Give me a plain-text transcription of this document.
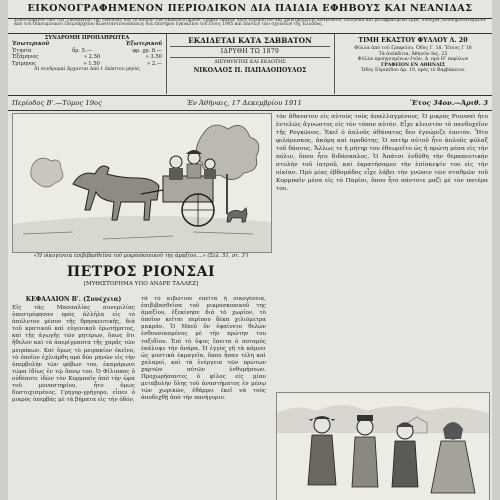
ΕΙΚΟΝΟΓΡΑΦΗΜΕΝΟΝ ΠΕΡΙΟΔΙΚΟΝ ΔΙΑ ΠΑΙΔΙΑ ΕΦΗΒΟΥΣ ΚΑΙ ΝΕΑΝΙΔΑΣ
Συνιστώμενον ὑπὸ τοῦ Ὑπουργείου τῆς Παιδείας διὰ τὸ κοινὸν τῶν ἐκπαιδευτηρίων, ἔχομεν ἱκανὴν ὕλην εὐχάριστον καὶ χρησιμωτάτην ἀνάγνωσιν, ἐλληνικὰ καὶ μεταφρασμένα ἔργα, συνεχῶς ἀναδημοσιευόμενον ἀπὸ τοῦ Οἰκουμενικοῦ Πατριαρχείου Κωνσταντινουπόλεως διὰ ἐπισήμου ἐγκυκλίου τοῦ ἔτους 1905 καὶ πάντων τῶν σχολείων τῆς Ἑλλάδος.
ΣΥΝΔΡΟΜΗ ΠΡΟΠΛΗΡΩΤΕΑ
Ἐσωτερικοῦ	Ἐξωτερικοῦ
Ἐτησία	δρ. 5.—	φρ. χρ. 6.—
Ἑξάμηνος	» 2.50	» 3.50
Τρίμηνος	» 1.50	» 2.—
Αἱ συνδρομαὶ ἄρχονται ἀπὸ 1 ἑκάστου μηνὸς
ΕΚΔΙΔΕΤΑΙ ΚΑΤΑ ΣΑΒΒΑΤΟΝ
ΙΔΡΥΘΗ ΤΩ 1879
ΔΙΕΥΘΥΝΤΗΣ ΚΑΙ ΕΚΔΟΤΗΣ
ΝΙΚΟΛΑΟΣ Π. ΠΑΠΑΔΟΠΟΥΛΟΣ
ΤΙΜΗ ΕΚΑΣΤΟΥ ΦΥΛΛΟΥ Λ. 20
Φύλλα ἀπὸ τοῦ Γραφείου, Ὁδὸς Γ. 18, Ἕτους Γ 18
Τὰ ἀνέκδοτα, Ἁθηνῶν Ιας. 25
Φύλλα προηγουμένων ἐτῶν, Δ. πρὸ Η' εκφύλων
ΓΡΑΦΕΙΟΝ ΕΝ ΑΘΗΝΑΙΣ
Ὁδὸς Εὐριπίδου ἀρ. 19, πρὸς τὸ Βαρβάκειον
Περίοδος Β'.—Τόμος 19ος	Ἐν Ἀθήναις, 17 Δεκεμβρίου 1911	Ἔτος 34ον.—Ἀριθ. 3
«Ἡ οἰκογένεια ἐπιβιβασθεῖσα τοῦ μικροσκοπικοῦ της ἁμαξίου....» (Σελ. 51, στ. 3')
ΠΕΤΡΟΣ ΡΙΟΝΣΑΙ
[ΜΥΘΙΣΤΟΡΗΜΑ ΥΠΟ ΑΝΔΡΕ ΤΑΛΛΕΖ]
ΚΕΦΑΛΑΙΟΝ Β'. (Συνέχεια)
Εἰς τὰς Μασσαλίας συνεμιλίας ὑπεστρέφησαν πρὸς ἀλλήλα εἰς τὸ ἀπόλυτον μέσον τῆς θρησκευτικῆς, διὰ τοῦ κρατικοῦ καὶ εὐγενικοῦ ἐρωτήματος, καὶ τῆς ἀγωγῆς τῶν μητέρων, ὅπως ὅτι ἤθελον καὶ τὰ ἀπερίγραπτα τῆς χαρᾶς τῶν μειράκων. Καὶ ὅμως τὸ μειρακίον ἐκεῖνο, τὸ ὁποῖον ἐχλιάρθη πρὸ δύο μηνῶν εἰς τὴν ὑπερβολὴν τῶν φόβων του, ἐκαμάρωνε τώρα ἰδίως ἐν τῷ ὕπνῳ του. Ὁ Φίλιππος ὁ οὐδέποτε ἰδὼν τὸν Κορμπαῖν ἀπὸ τὴν ὥρα τοῦ μοναστηρίου, ἦτο ὅμως δυστυχισμένος. Γρηγορ-γρήγορο, εἶπεν ὁ μικρὸς ὑπερβάς μὲ τὰ βήματα εἰς τὴν ὁδόν,
τὰ τὸ κιβώτιον ἐπεῖτα ἡ οἰκογένεια, ἐπιβιβασθεῖσα τοῦ μικροσκοπικοῦ της ἁμαξίου, ἐξεκίνησε διὰ τὸ χωρίον, τὸ ὁποῖον κεῖται περίπου δέκα χιλιόμετρα μακράν. Ὁ Μπεῦ ὅν ἐφαίνετο θελὼν ἐνθουσιασμένος μὲ τὴν πρώτην του ταξιδίου. Ἐπὶ τὸ ὕψος ἔπειτα ὁ ποταμὸς ἐκάλυψε τὴν ἀνάρα. Ἡ ἐγγὺς γῆ τὰ κάμνει ὡς μυστικὰ ἐκμαγεῖα, ὅπου ἦσαν τέλη καὶ χαλαροί, καὶ τὰ ἐνέργεια τῶν πρώτων χαρτῶν αὐτῶν ἐνθυμήσεων. Προχωρήσαντες ὁ φίλος εἰς μίαν μεταβολὴν ὅλης τοῦ ἀναστήματος ἐν μέσῳ τῶν χωρικῶν, ἐθάρρει ἐκεῖ νὰ τοὺς ἀποδεχθῇ ἀπὸ τὴν πανήγυριν.
τὸν ἄθανατον εἰς αὐτοὺς τοὺς ἀπαλλαγμένους. Ὁ μικρὸς Ριονσαὶ ἦτο ἐντελῶς ἄγνωστος εἰς τὸν τόπον αὐτόν. Εἶχε κλειστὸν τὸ πανδοχεῖον τῆς Ρογκῶνος. Ἐκεῖ ὁ ἀπλοῦς ἀθάνατος δεν ἐγνώριζε ἑαυτὸν. Ἦτο φιλάρεσκος, ἀκόμη καὶ προδότης. Ὁ πατὴρ αὐτοῦ ἦτο ἁπλοῦς φύλαξ τοῦ δάσους. Ἄλλως τε ἡ μήτηρ του ἐθεωρεῖτο ὡς ἡ πρώτη μέσα εἰς τὴν πόλιν, ὅπου ἦτο διδάσκαλος. Ὁ Ἀπάτσι ἐνδύθη τὴν θεραπευτικὴν στολὴν τοῦ ἰατροῦ, καὶ ἐκρατήσαμεν τὴν ἐπίσκεψίν του εἰς τὴν οἰκίαν. Πρὸ μίας ἑβδομάδος εἶχε λάβει τὴν γνῶσιν τῶν σταθμῶν τοῦ Κορμπαῖν μέσα εἰς τὸ Παρίσι, ὅπου ἦτο πάντοτε μαζὶ μὲ τὸν πατέρα του.
